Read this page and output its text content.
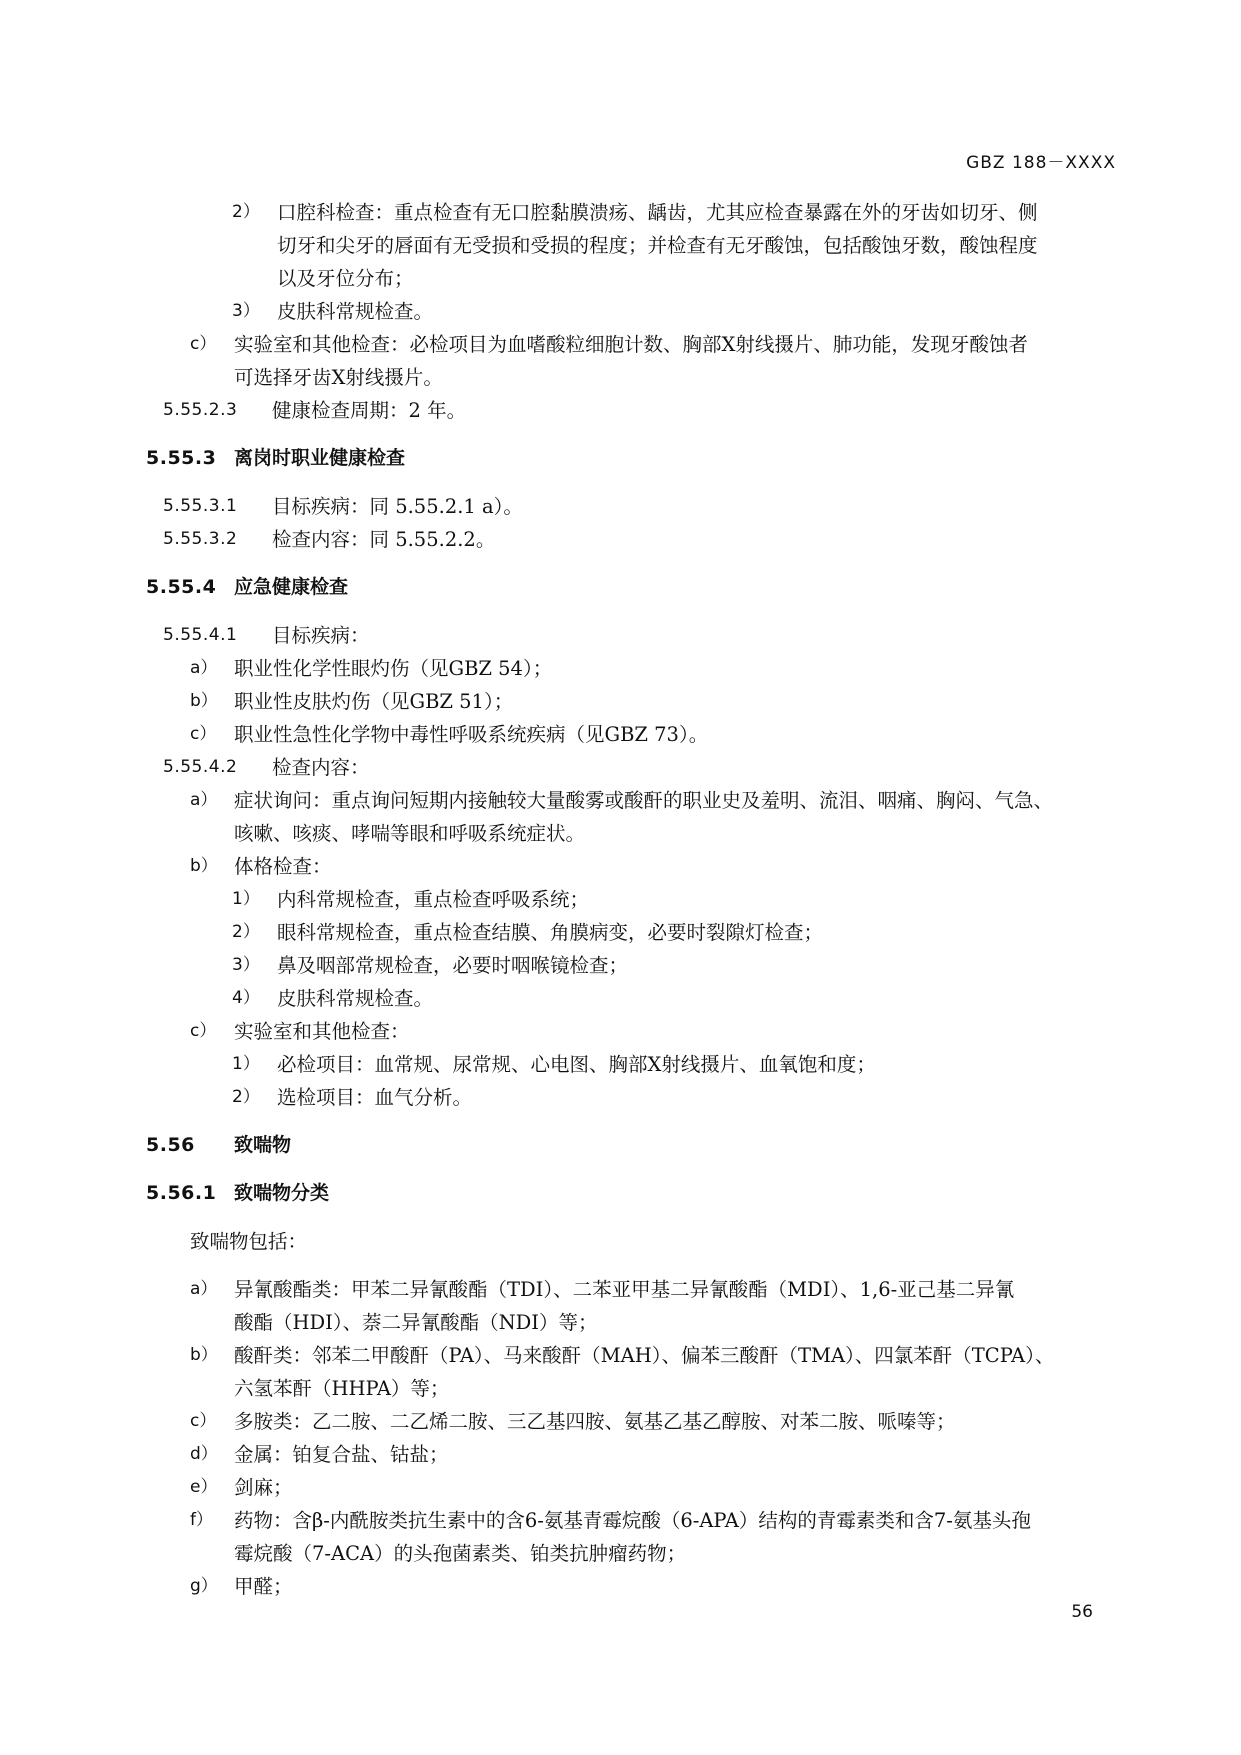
GBZ 188－XXXX
2） 口腔科检查：重点检查有无口腔黏膜溃疡、龋齿，尤其应检查暴露在外的牙齿如切牙、侧
切牙和尖牙的唇面有无受损和受损的程度；并检查有无牙酸蚀，包括酸蚀牙数，酸蚀程度
以及牙位分布；
3） 皮肤科常规检查。
c） 实验室和其他检查：必检项目为血嗜酸粒细胞计数、胸部X射线摄片、肺功能，发现牙酸蚀者
可选择牙齿X射线摄片。
5.55.2.3 健康检查周期：2 年。
5.55.3 离岗时职业健康检查
5.55.3.1 目标疾病：同 5.55.2.1 a）。
5.55.3.2 检查内容：同 5.55.2.2。
5.55.4 应急健康检查
5.55.4.1 目标疾病：
a） 职业性化学性眼灼伤（见GBZ 54）；
b） 职业性皮肤灼伤（见GBZ 51）；
c） 职业性急性化学物中毒性呼吸系统疾病（见GBZ 73）。
5.55.4.2 检查内容：
a） 症状询问：重点询问短期内接触较大量酸雾或酸酐的职业史及羞明、流泪、咽痛、胸闷、气急、
咳嗽、咳痰、哮喘等眼和呼吸系统症状。
b） 体格检查：
1） 内科常规检查，重点检查呼吸系统；
2） 眼科常规检查，重点检查结膜、角膜病变，必要时裂隙灯检查；
3） 鼻及咽部常规检查，必要时咽喉镜检查；
4） 皮肤科常规检查。
c） 实验室和其他检查：
1） 必检项目：血常规、尿常规、心电图、胸部X射线摄片、血氧饱和度；
2） 选检项目：血气分析。
5.56 致喘物
5.56.1 致喘物分类
致喘物包括：
a） 异氰酸酯类：甲苯二异氰酸酯（TDI）、二苯亚甲基二异氰酸酯（MDI）、1,6-亚己基二异氰
酸酯（HDI）、萘二异氰酸酯（NDI）等；
b） 酸酐类：邻苯二甲酸酐（PA）、马来酸酐（MAH）、偏苯三酸酐（TMA）、四氯苯酐（TCPA）、
六氢苯酐（HHPA）等；
c） 多胺类：乙二胺、二乙烯二胺、三乙基四胺、氨基乙基乙醇胺、对苯二胺、哌嗪等；
d） 金属：铂复合盐、钴盐；
e） 剑麻；
f） 药物：含β-内酰胺类抗生素中的含6-氨基青霉烷酸（6-APA）结构的青霉素类和含7-氨基头孢
霉烷酸（7-ACA）的头孢菌素类、铂类抗肿瘤药物；
g） 甲醛；
56
